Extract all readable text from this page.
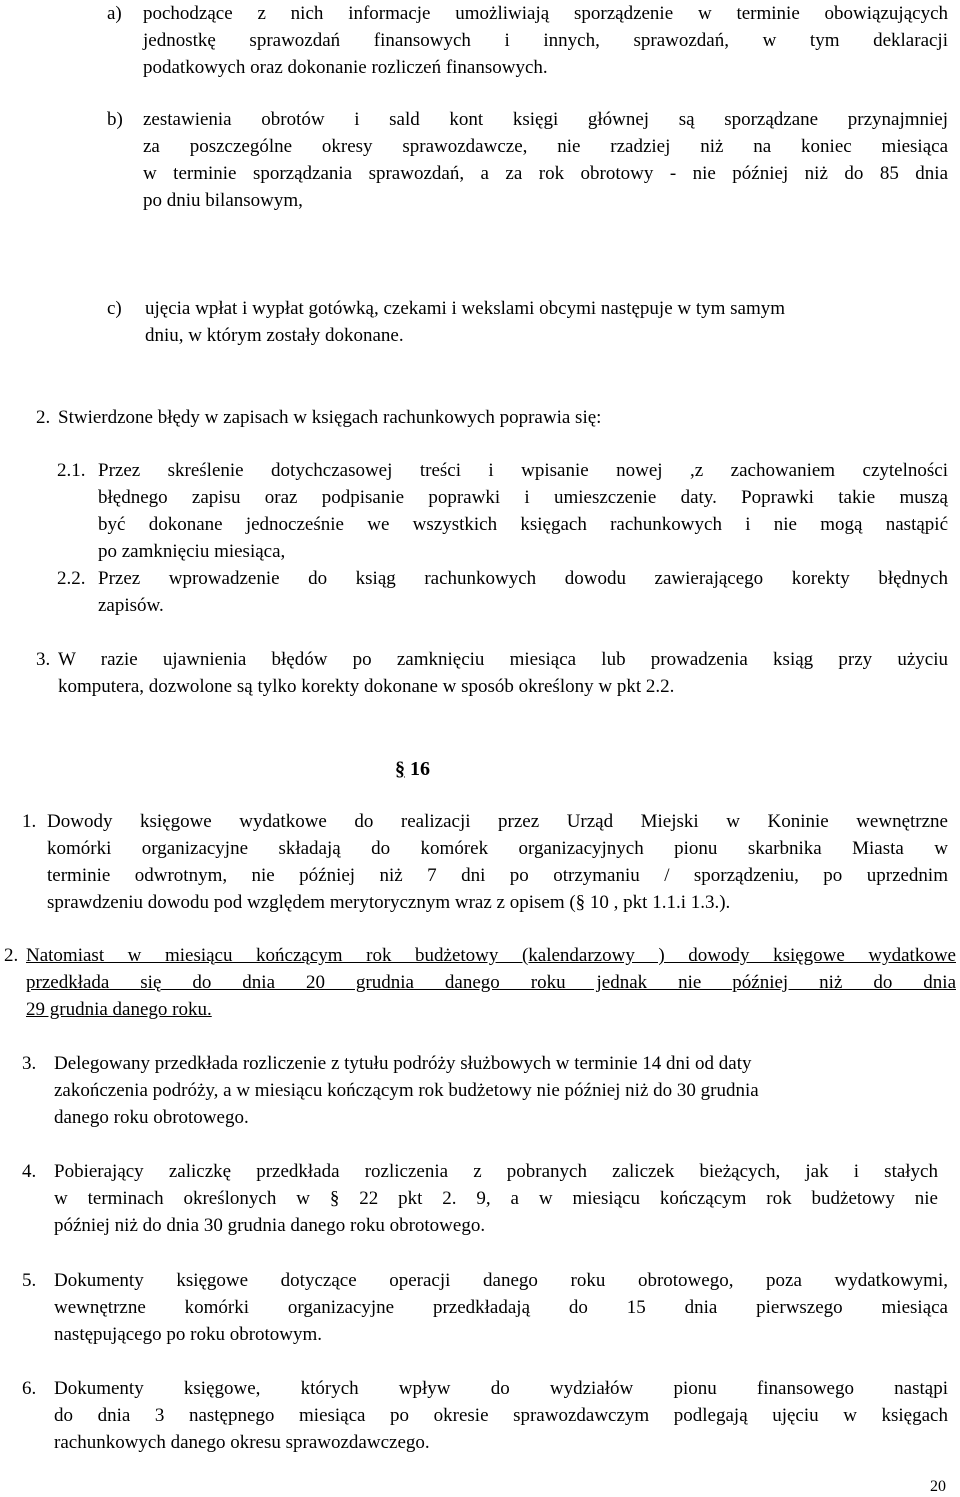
a) pochodzące z nich informacje umożliwiają sporządzenie w terminie obowiązujących
jednostkę sprawozdań finansowych i innych, sprawozdań, w tym deklaracji
podatkowych oraz dokonanie rozliczeń finansowych.
b) zestawienia obrotów i sald kont księgi głównej są sporządzane przynajmniej
za poszczególne okresy sprawozdawcze, nie rzadziej niż na koniec miesiąca
w terminie sporządzania sprawozdań, a za rok obrotowy - nie później niż do 85 dnia
po dniu bilansowym,
c) ujęcia wpłat i wypłat gotówką, czekami i wekslami obcymi następuje w tym samym
dniu, w którym zostały dokonane.
2. Stwierdzone błędy w zapisach w księgach rachunkowych poprawia się:
2.1. Przez skreślenie dotychczasowej treści i wpisanie nowej ,z zachowaniem czytelności
błędnego zapisu oraz podpisanie poprawki i umieszczenie daty. Poprawki takie muszą
być dokonane jednocześnie we wszystkich księgach rachunkowych i nie mogą nastąpić
po zamknięciu miesiąca,
2.2. Przez wprowadzenie do ksiąg rachunkowych dowodu zawierającego korekty błędnych
zapisów.
3. W razie ujawnienia błędów po zamknięciu miesiąca lub prowadzenia ksiąg przy użyciu
komputera, dozwolone są tylko korekty dokonane w sposób określony w pkt 2.2.
§ 16
1. Dowody księgowe wydatkowe do realizacji przez Urząd Miejski w Koninie wewnętrzne
komórki organizacyjne składają do komórek organizacyjnych pionu skarbnika Miasta w
terminie odwrotnym, nie później niż 7 dni po otrzymaniu / sporządzeniu, po uprzednim
sprawdzeniu dowodu pod względem merytorycznym wraz z opisem (§ 10 , pkt 1.1.i 1.3.).
2. Natomiast w miesiącu kończącym rok budżetowy (kalendarzowy ) dowody księgowe wydatkowe
przedkłada się do dnia 20 grudnia danego roku jednak nie później niż do dnia
29 grudnia danego roku.
3. Delegowany przedkłada rozliczenie z tytułu podróży służbowych w terminie 14 dni od daty
zakończenia podróży, a w miesiącu kończącym rok budżetowy nie później niż do 30 grudnia
danego roku obrotowego.
4. Pobierający zaliczkę przedkłada rozliczenia z pobranych zaliczek bieżących, jak i stałych
w terminach określonych w § 22 pkt 2. 9, a w miesiącu kończącym rok budżetowy nie
później niż do dnia 30 grudnia danego roku obrotowego.
5. Dokumenty księgowe dotyczące operacji danego roku obrotowego, poza wydatkowymi,
wewnętrzne komórki organizacyjne przedkładają do 15 dnia pierwszego miesiąca
następującego po roku obrotowym.
6. Dokumenty księgowe, których wpływ do wydziałów pionu finansowego nastąpi
do dnia 3 następnego miesiąca po okresie sprawozdawczym podlegają ujęciu w księgach
rachunkowych danego okresu sprawozdawczego.
20
